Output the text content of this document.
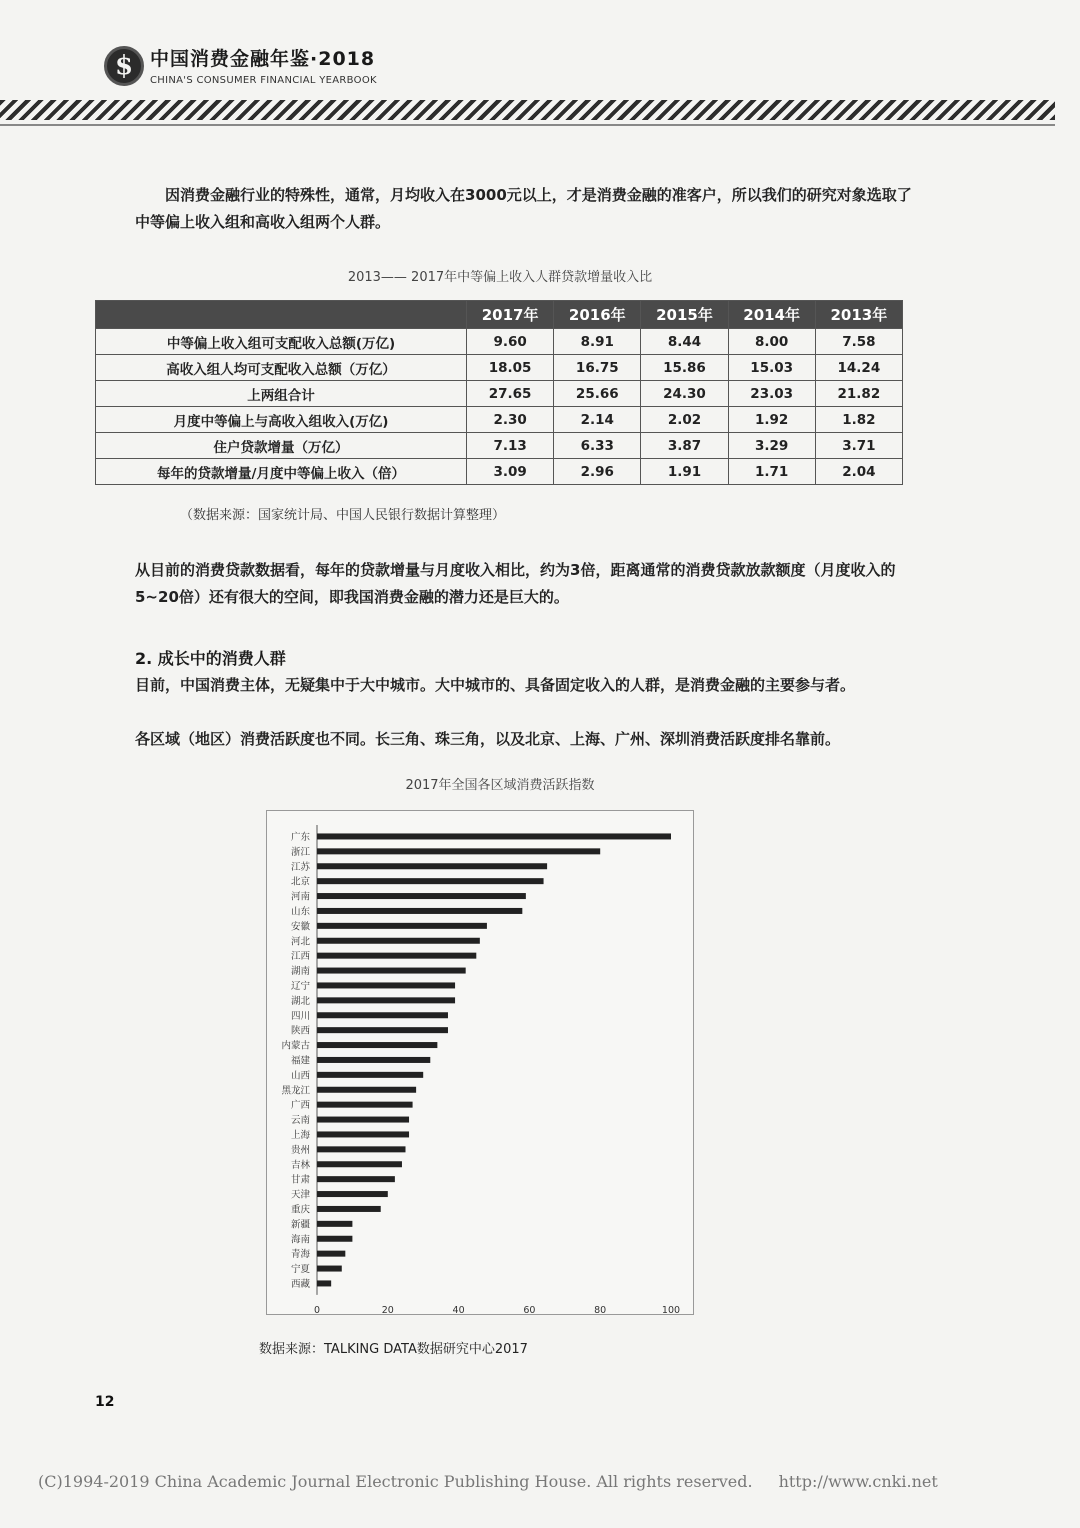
$ 中国消费金融年鉴·2018
CHINA'S CONSUMER FINANCIAL YEARBOOK
因消费金融行业的特殊性，通常，月均收入在3000元以上，才是消费金融的准客户，所以我们的研究对象选取了中等偏上收入组和高收入组两个人群。
2013—— 2017年中等偏上收入人群贷款增量收入比
	2017年	2016年	2015年	2014年	2013年
中等偏上收入组可支配收入总额(万亿)	9.60	8.91	8.44	8.00	7.58
高收入组人均可支配收入总额（万亿）	18.05	16.75	15.86	15.03	14.24
上两组合计	27.65	25.66	24.30	23.03	21.82
月度中等偏上与高收入组收入(万亿)	2.30	2.14	2.02	1.92	1.82
住户贷款增量（万亿）	7.13	6.33	3.87	3.29	3.71
每年的贷款增量/月度中等偏上收入（倍）	3.09	2.96	1.91	1.71	2.04
（数据来源：国家统计局、中国人民银行数据计算整理）
从目前的消费贷款数据看，每年的贷款增量与月度收入相比，约为3倍，距离通常的消费贷款放款额度（月度收入的5~20倍）还有很大的空间，即我国消费金融的潜力还是巨大的。
2. 成长中的消费人群
目前，中国消费主体，无疑集中于大中城市。大中城市的、具备固定收入的人群，是消费金融的主要参与者。
各区域（地区）消费活跃度也不同。长三角、珠三角，以及北京、上海、广州、深圳消费活跃度排名靠前。
2017年全国各区域消费活跃指数
广东
浙江
江苏
北京
河南
山东
安徽
河北
江西
湖南
辽宁
湖北
四川
陕西
内蒙古
福建
山西
黑龙江
广西
云南
上海
贵州
吉林
甘肃
天津
重庆
新疆
海南
青海
宁夏
西藏
0	20	40	60	80	100
数据来源：TALKING DATA数据研究中心2017
12
(C)1994-2019 China Academic Journal Electronic Publishing House. All rights reserved. http://www.cnki.net
